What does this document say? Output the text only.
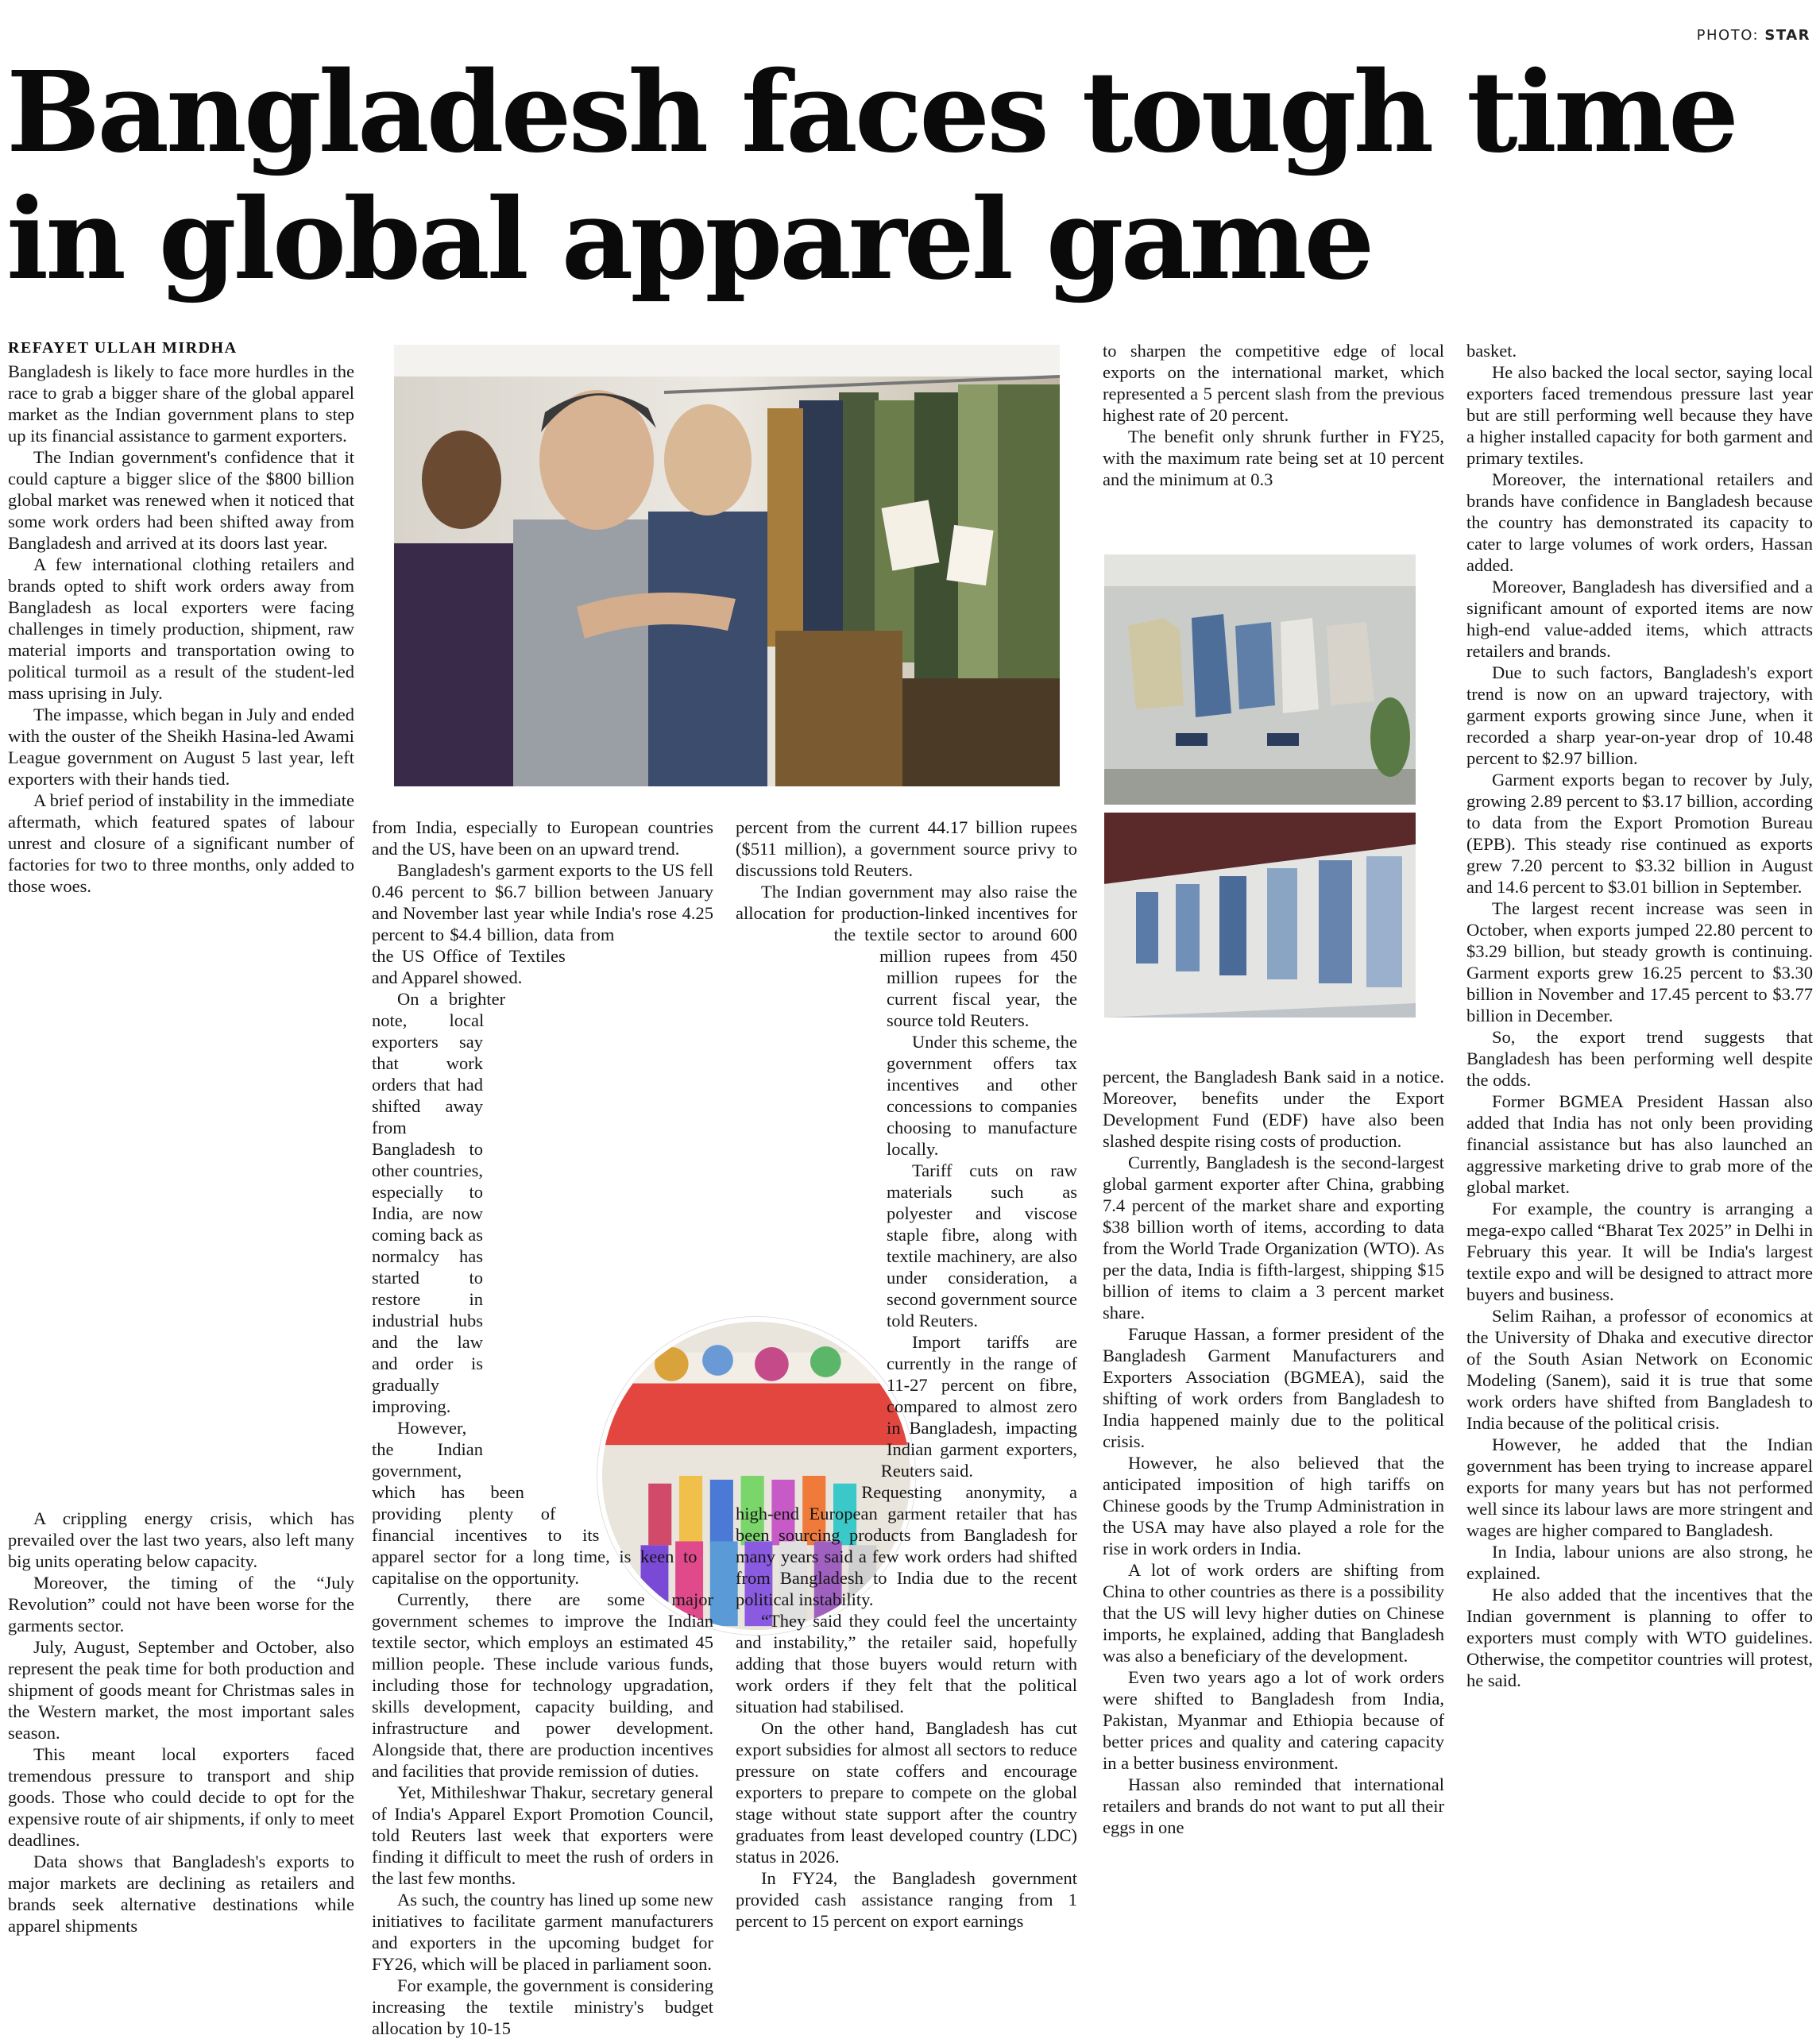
PHOTO: STAR
Bangladesh faces tough time in global apparel game
REFAYET ULLAH MIRDHA

Bangladesh is likely to face more hurdles in the race to grab a bigger share of the global apparel market as the Indian government plans to step up its financial assistance to garment exporters.

The Indian government's confidence that it could capture a bigger slice of the $800 billion global market was renewed when it noticed that some work orders had been shifted away from Bangladesh and arrived at its doors last year.

A few international clothing retailers and brands opted to shift work orders away from Bangladesh as local exporters were facing challenges in timely production, shipment, raw material imports and transportation owing to political turmoil as a result of the student-led mass uprising in July.

The impasse, which began in July and ended with the ouster of the Sheikh Hasina-led Awami League government on August 5 last year, left exporters with their hands tied.

A brief period of instability in the immediate aftermath, which featured spates of labour unrest and closure of a significant number of factories for two to three months, only added to those woes.

A crippling energy crisis, which has prevailed over the last two years, also left many big units operating below capacity.

Moreover, the timing of the “July Revolution” could not have been worse for the garments sector.

July, August, September and October, also represent the peak time for both production and shipment of goods meant for Christmas sales in the Western market, the most important sales season.

This meant local exporters faced tremendous pressure to transport and ship goods. Those who could decide to opt for the expensive route of air shipments, if only to meet deadlines.

Data shows that Bangladesh's exports to major markets are declining as retailers and brands seek alternative destinations while apparel shipments

from India, especially to European countries and the US, have been on an upward trend.

Bangladesh's garment exports to the US fell 0.46 percent to $6.7 billion between January and November last year while India's rose 4.25 percent to $4.4 billion, data from the US Office of Textiles and Apparel showed.

On a brighter note, local exporters say that work orders that had shifted away from Bangladesh to other countries, especially to India, are now coming back as normalcy has started to restore in industrial hubs and the law and order is gradually improving.

However, the Indian government, which has been providing plenty of financial incentives to its apparel sector for a long time, is keen to capitalise on the opportunity.

Currently, there are some major government schemes to improve the Indian textile sector, which employs an estimated 45 million people. These include various funds, including those for technology upgradation, skills development, capacity building, and infrastructure and power development. Alongside that, there are production incentives and facilities that provide remission of duties.

Yet, Mithileshwar Thakur, secretary general of India's Apparel Export Promotion Council, told Reuters last week that exporters were finding it difficult to meet the rush of orders in the last few months.

As such, the country has lined up some new initiatives to facilitate garment manufacturers and exporters in the upcoming budget for FY26, which will be placed in parliament soon.

For example, the government is considering increasing the textile ministry's budget allocation by 10-15

percent from the current 44.17 billion rupees ($511 million), a government source privy to discussions told Reuters.

The Indian government may also raise the allocation for production-linked incentives for the textile sector to around 600 million rupees from 450 million rupees for the current fiscal year, the source told Reuters.

Under this scheme, the government offers tax incentives and other concessions to companies choosing to manufacture locally.

Tariff cuts on raw materials such as polyester and viscose staple fibre, along with textile machinery, are also under consideration, a second government source told Reuters.

Import tariffs are currently in the range of 11-27 percent on fibre, compared to almost zero in Bangladesh, impacting Indian garment exporters, Reuters said.

Requesting anonymity, a high-end European garment retailer that has been sourcing products from Bangladesh for many years said a few work orders had shifted from Bangladesh to India due to the recent political instability.

“They said they could feel the uncertainty and instability,” the retailer said, hopefully adding that those buyers would return with work orders if they felt that the political situation had stabilised.

On the other hand, Bangladesh has cut export subsidies for almost all sectors to reduce pressure on state coffers and encourage exporters to prepare to compete on the global stage without state support after the country graduates from least developed country (LDC) status in 2026.

In FY24, the Bangladesh government provided cash assistance ranging from 1 percent to 15 percent on export earnings

to sharpen the competitive edge of local exports on the international market, which represented a 5 percent slash from the previous highest rate of 20 percent.

The benefit only shrunk further in FY25, with the maximum rate being set at 10 percent and the minimum at 0.3

percent, the Bangladesh Bank said in a notice. Moreover, benefits under the Export Development Fund (EDF) have also been slashed despite rising costs of production.

Currently, Bangladesh is the second-largest global garment exporter after China, grabbing 7.4 percent of the market share and exporting $38 billion worth of items, according to data from the World Trade Organization (WTO). As per the data, India is fifth-largest, shipping $15 billion of items to claim a 3 percent market share.

Faruque Hassan, a former president of the Bangladesh Garment Manufacturers and Exporters Association (BGMEA), said the shifting of work orders from Bangladesh to India happened mainly due to the political crisis.

However, he also believed that the anticipated imposition of high tariffs on Chinese goods by the Trump Administration in the USA may have also played a role for the rise in work orders in India.

A lot of work orders are shifting from China to other countries as there is a possibility that the US will levy higher duties on Chinese imports, he explained, adding that Bangladesh was also a beneficiary of the development.

Even two years ago a lot of work orders were shifted to Bangladesh from India, Pakistan, Myanmar and Ethiopia because of better prices and quality and catering capacity in a better business environment.

Hassan also reminded that international retailers and brands do not want to put all their eggs in one

basket.

He also backed the local sector, saying local exporters faced tremendous pressure last year but are still performing well because they have a higher installed capacity for both garment and primary textiles.

Moreover, the international retailers and brands have confidence in Bangladesh because the country has demonstrated its capacity to cater to large volumes of work orders, Hassan added.

Moreover, Bangladesh has diversified and a significant amount of exported items are now high-end value-added items, which attracts retailers and brands.

Due to such factors, Bangladesh's export trend is now on an upward trajectory, with garment exports growing since June, when it recorded a sharp year-on-year drop of 10.48 percent to $2.97 billion.

Garment exports began to recover by July, growing 2.89 percent to $3.17 billion, according to data from the Export Promotion Bureau (EPB). This steady rise continued as exports grew 7.20 percent to $3.32 billion in August and 14.6 percent to $3.01 billion in September.

The largest recent increase was seen in October, when exports jumped 22.80 percent to $3.29 billion, but steady growth is continuing. Garment exports grew 16.25 percent to $3.30 billion in November and 17.45 percent to $3.77 billion in December.

So, the export trend suggests that Bangladesh has been performing well despite the odds.

Former BGMEA President Hassan also added that India has not only been providing financial assistance but has also launched an aggressive marketing drive to grab more of the global market.

For example, the country is arranging a mega-expo called “Bharat Tex 2025” in Delhi in February this year. It will be India's largest textile expo and will be designed to attract more buyers and business.

Selim Raihan, a professor of economics at the University of Dhaka and executive director of the South Asian Network on Economic Modeling (Sanem), said it is true that some work orders have shifted from Bangladesh to India because of the political crisis.

However, he added that the Indian government has been trying to increase apparel exports for many years but has not performed well since its labour laws are more stringent and wages are higher compared to Bangladesh.

In India, labour unions are also strong, he explained.

He also added that the incentives that the Indian government is planning to offer to exporters must comply with WTO guidelines. Otherwise, the competitor countries will protest, he said.
